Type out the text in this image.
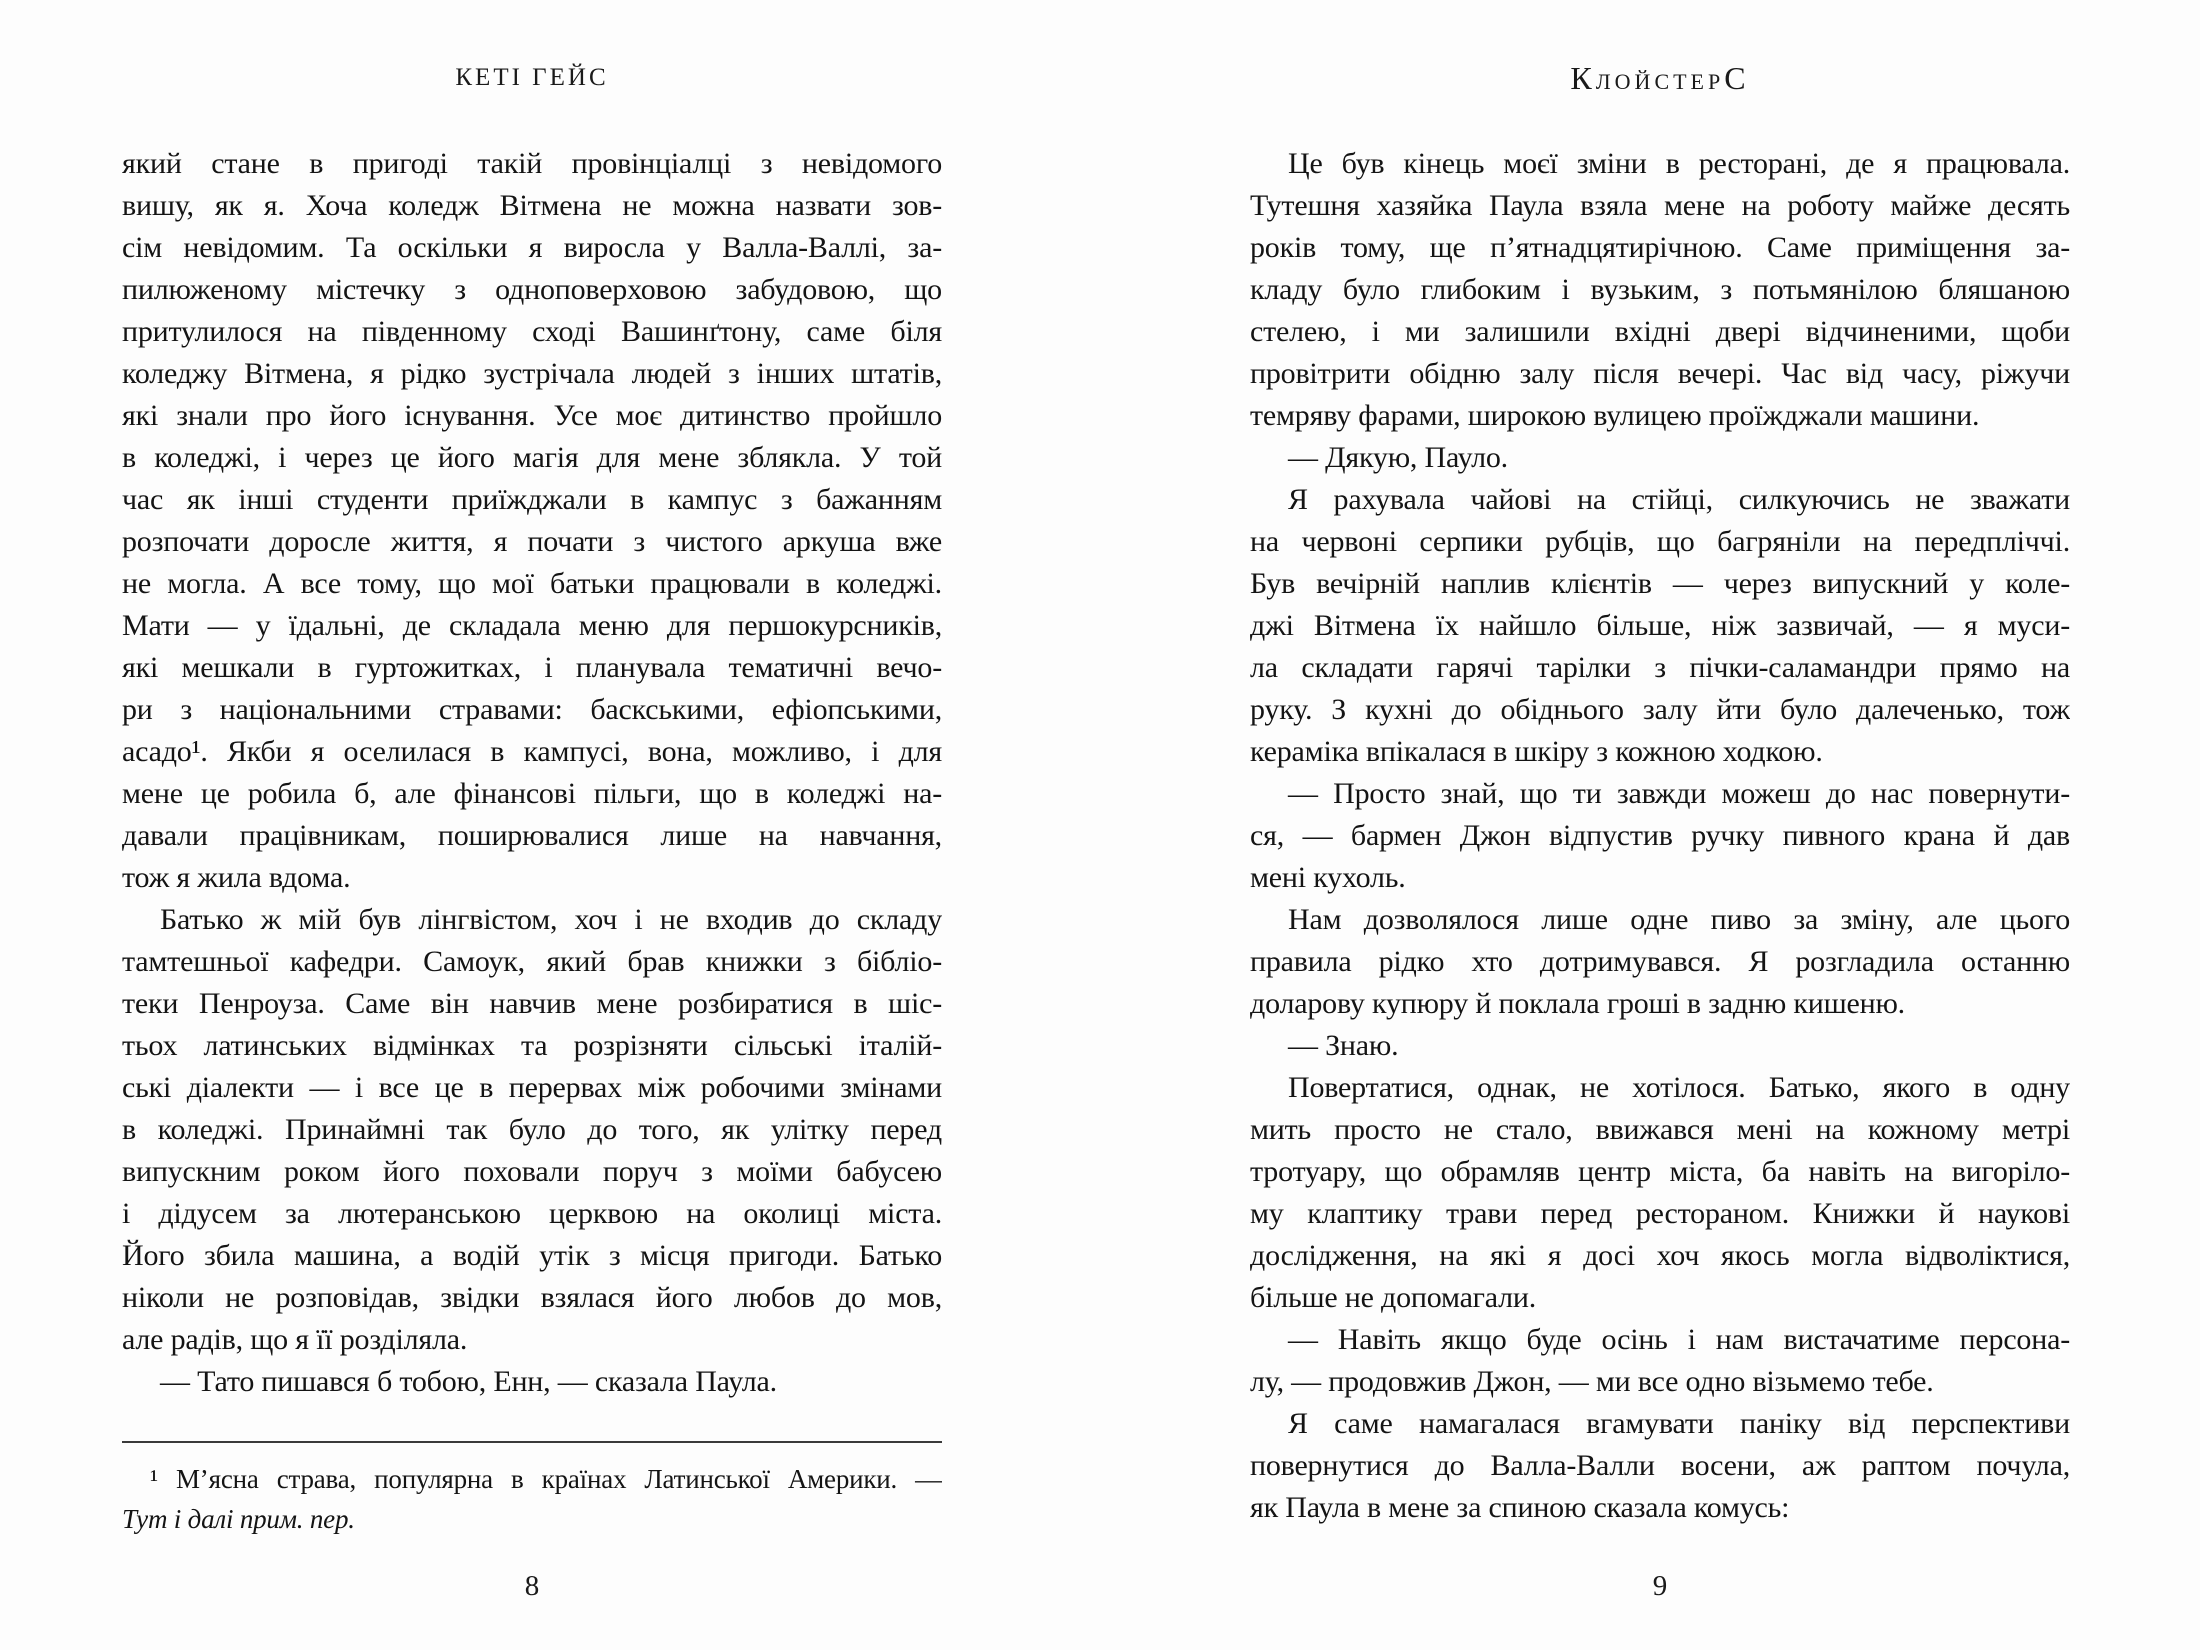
КЕТІ ГЕЙС
який стане в пригоді такій провінціалці з невідомого
вишу, як я. Хоча коледж Вітмена не можна назвати зов-
сім невідомим. Та оскільки я виросла у Валла-Валлі, за-
пилюженому містечку з одноповерховою забудовою, що
притулилося на південному сході Вашинґтону, саме біля
коледжу Вітмена, я рідко зустрічала людей з інших штатів,
які знали про його існування. Усе моє дитинство пройшло
в коледжі, і через це його магія для мене зблякла. У той
час як інші студенти приїжджали в кампус з бажанням
розпочати доросле життя, я почати з чистого аркуша вже
не могла. А все тому, що мої батьки працювали в коледжі.
Мати — у їдальні, де складала меню для першокурсників,
які мешкали в гуртожитках, і планувала тематичні вечо-
ри з національними стравами: баскськими, ефіопськими,
асадо¹. Якби я оселилася в кампусі, вона, можливо, і для
мене це робила б, але фінансові пільги, що в коледжі на-
давали працівникам, поширювалися лише на навчання,
тож я жила вдома.
Батько ж мій був лінгвістом, хоч і не входив до складу
тамтешньої кафедри. Самоук, який брав книжки з бібліо-
теки Пенроуза. Саме він навчив мене розбиратися в шіс-
тьох латинських відмінках та розрізняти сільські італій-
ські діалекти — і все це в перервах між робочими змінами
в коледжі. Принаймні так було до того, як улітку перед
випускним роком його поховали поруч з моїми бабусею
і дідусем за лютеранською церквою на околиці міста.
Його збила машина, а водій утік з місця пригоди. Батько
ніколи не розповідав, звідки взялася його любов до мов,
але радів, що я її розділяла.
— Тато пишався б тобою, Енн, — сказала Паула.
¹ М’ясна страва, популярна в країнах Латинської Америки. —
Тут і далі прим. пер.
8
КлойстерС
Це був кінець моєї зміни в ресторані, де я працювала.
Тутешня хазяйка Паула взяла мене на роботу майже десять
років тому, ще п’ятнадцятирічною. Саме приміщення за-
кладу було глибоким і вузьким, з потьмянілою бляшаною
стелею, і ми залишили вхідні двері відчиненими, щоби
провітрити обідню залу після вечері. Час від часу, ріжучи
темряву фарами, широкою вулицею проїжджали машини.
— Дякую, Пауло.
Я рахувала чайові на стійці, силкуючись не зважати
на червоні серпики рубців, що багряніли на передпліччі.
Був вечірній наплив клієнтів — через випускний у коле-
джі Вітмена їх найшло більше, ніж зазвичай, — я муси-
ла складати гарячі тарілки з пічки-саламандри прямо на
руку. З кухні до обіднього залу йти було далеченько, тож
кераміка впікалася в шкіру з кожною ходкою.
— Просто знай, що ти завжди можеш до нас повернути-
ся, — бармен Джон відпустив ручку пивного крана й дав
мені кухоль.
Нам дозволялося лише одне пиво за зміну, але цього
правила рідко хто дотримувався. Я розгладила останню
доларову купюру й поклала гроші в задню кишеню.
— Знаю.
Повертатися, однак, не хотілося. Батько, якого в одну
мить просто не стало, ввижався мені на кожному метрі
тротуару, що обрамляв центр міста, ба навіть на вигоріло-
му клаптику трави перед рестораном. Книжки й наукові
дослідження, на які я досі хоч якось могла відволіктися,
більше не допомагали.
— Навіть якщо буде осінь і нам вистачатиме персона-
лу, — продовжив Джон, — ми все одно візьмемо тебе.
Я саме намагалася вгамувати паніку від перспективи
повернутися до Валла-Валли восени, аж раптом почула,
як Паула в мене за спиною сказала комусь:
9
